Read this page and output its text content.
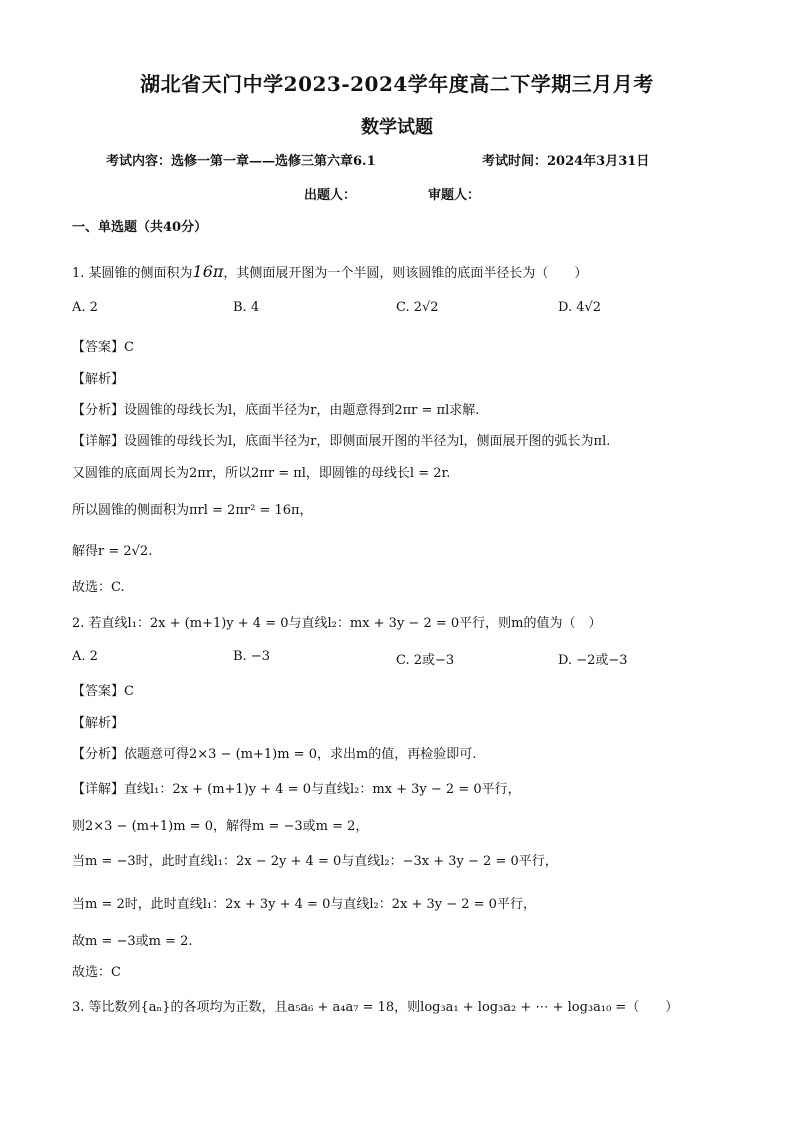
湖北省天门中学2023-2024学年度高二下学期三月月考
数学试题
考试内容：选修一第一章——选修三第六章6.1	考试时间：2024年3月31日
出题人：	审题人：
一、单选题（共40分）
1. 某圆锥的侧面积为16π，其侧面展开图为一个半圆，则该圆锥的底面半径长为（　　）
A. 2	B. 4	C. 2√2	D. 4√2
【答案】C
【解析】
【分析】设圆锥的母线长为l，底面半径为r，由题意得到2πr = πl求解.
【详解】设圆锥的母线长为l，底面半径为r，即侧面展开图的半径为l，侧面展开图的弧长为πl.
又圆锥的底面周长为2πr，所以2πr = πl，即圆锥的母线长l = 2r.
所以圆锥的侧面积为πrl = 2πr² = 16π，
解得r = 2√2.
故选：C.
2. 若直线l₁：2x + (m+1)y + 4 = 0与直线l₂：mx + 3y − 2 = 0平行，则m的值为（　）
A. 2	B. −3	C. 2或−3	D. −2或−3
【答案】C
【解析】
【分析】依题意可得2×3 − (m+1)m = 0，求出m的值，再检验即可.
【详解】直线l₁：2x + (m+1)y + 4 = 0与直线l₂：mx + 3y − 2 = 0平行，
则2×3 − (m+1)m = 0，解得m = −3或m = 2，
当m = −3时，此时直线l₁：2x − 2y + 4 = 0与直线l₂：−3x + 3y − 2 = 0平行，
当m = 2时，此时直线l₁：2x + 3y + 4 = 0与直线l₂：2x + 3y − 2 = 0平行，
故m = −3或m = 2.
故选：C
3. 等比数列{aₙ}的各项均为正数，且a₅a₆ + a₄a₇ = 18，则log₃a₁ + log₃a₂ + ⋯ + log₃a₁₀ =（　　）
